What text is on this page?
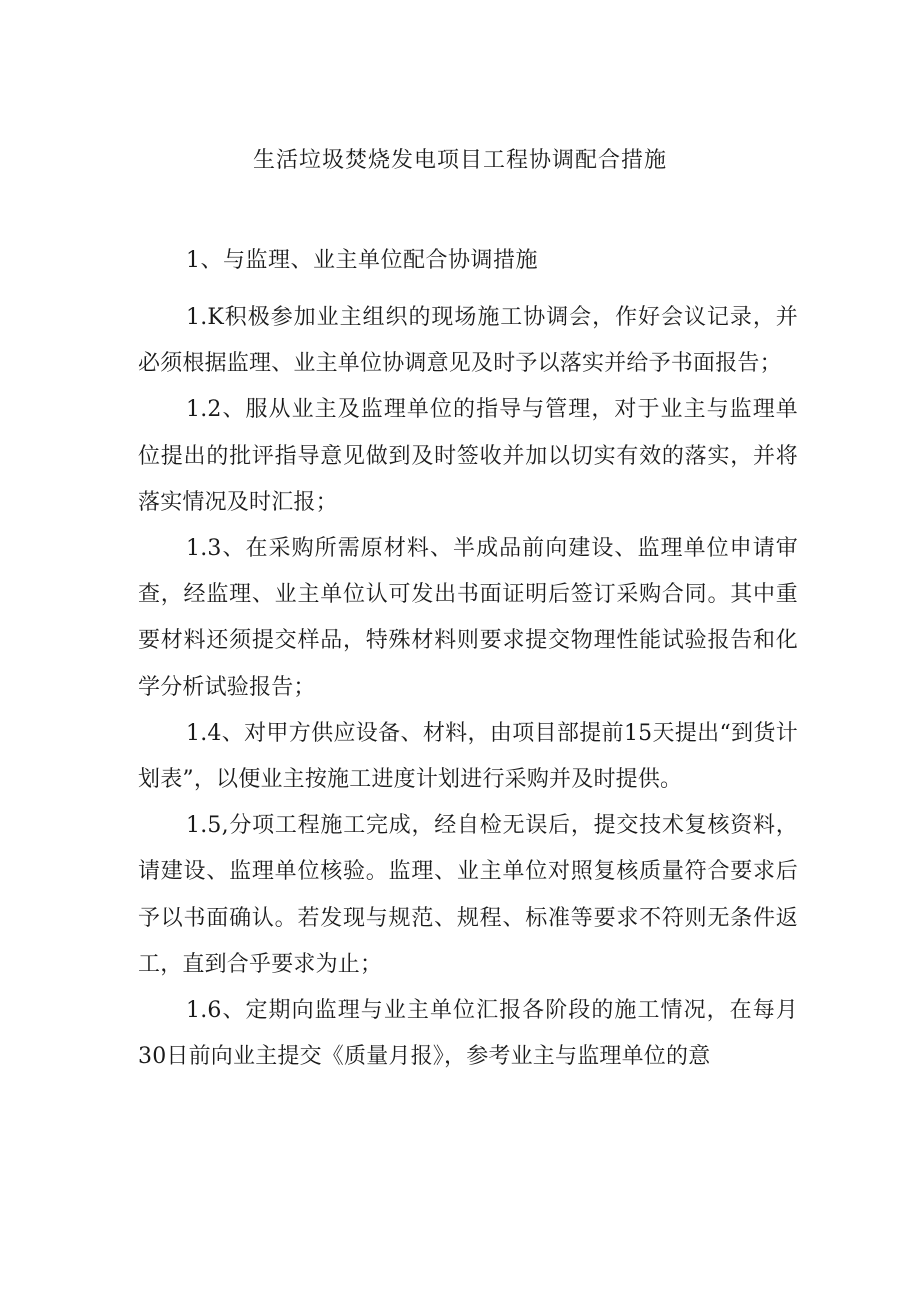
生活垃圾焚烧发电项目工程协调配合措施
1、与监理、业主单位配合协调措施

1.K积极参加业主组织的现场施工协调会，作好会议记录，并必须根据监理、业主单位协调意见及时予以落实并给予书面报告；

1.2、服从业主及监理单位的指导与管理，对于业主与监理单位提出的批评指导意见做到及时签收并加以切实有效的落实，并将落实情况及时汇报；

1.3、在采购所需原材料、半成品前向建设、监理单位申请审查，经监理、业主单位认可发出书面证明后签订采购合同。其中重要材料还须提交样品，特殊材料则要求提交物理性能试验报告和化学分析试验报告；

1.4、对甲方供应设备、材料，由项目部提前15天提出“到货计划表”，以便业主按施工进度计划进行采购并及时提供。

1.5,分项工程施工完成，经自检无误后，提交技术复核资料，请建设、监理单位核验。监理、业主单位对照复核质量符合要求后予以书面确认。若发现与规范、规程、标准等要求不符则无条件返工，直到合乎要求为止；

1.6、定期向监理与业主单位汇报各阶段的施工情况，在每月30日前向业主提交《质量月报》，参考业主与监理单位的意
